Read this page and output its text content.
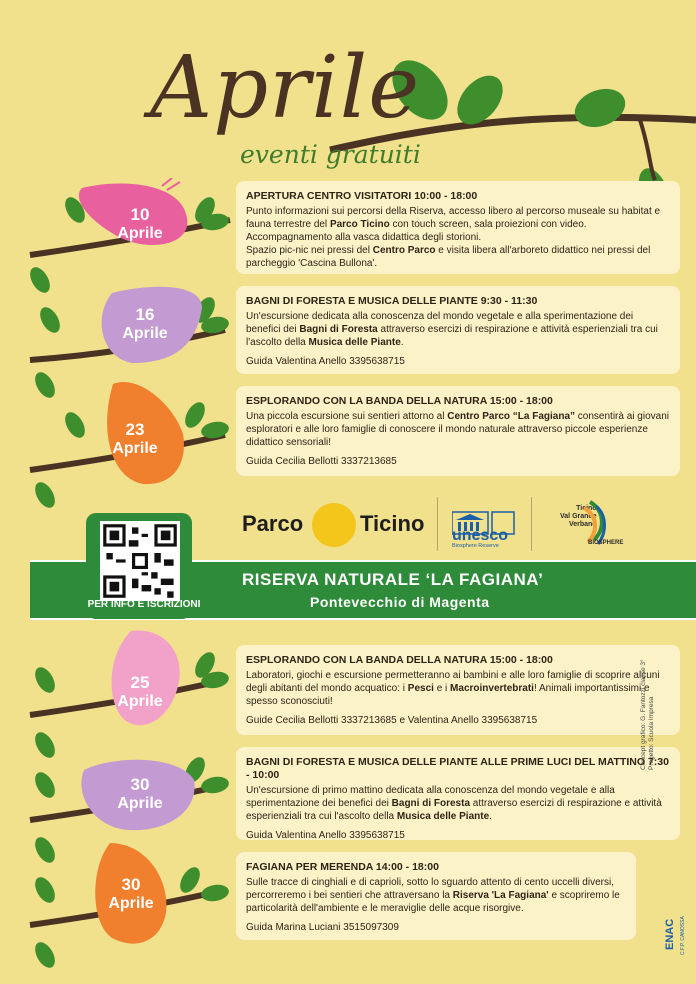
Aprile
eventi gratuiti
10
Aprile
16
Aprile
23
Aprile
APERTURA CENTRO VISITATORI 10:00 - 18:00
Punto informazioni sui percorsi della Riserva, accesso libero al percorso museale su habitat e fauna terrestre del Parco Ticino con touch screen, sala proiezioni con video. Accompagnamento alla vasca didattica degli storioni.
Spazio pic-nic nei pressi del Centro Parco e visita libera all'arboreto didattico nei pressi del parcheggio 'Cascina Bullona'.
BAGNI DI FORESTA E MUSICA DELLE PIANTE 9:30 - 11:30
Un'escursione dedicata alla conoscenza del mondo vegetale e alla sperimentazione dei benefici dei Bagni di Foresta attraverso esercizi di respirazione e attività esperienziali tra cui l'ascolto della Musica delle Piante.
Guida Valentina Anello 3395638715
ESPLORANDO CON LA BANDA DELLA NATURA 15:00 - 18:00
Una piccola escursione sui sentieri attorno al Centro Parco “La Fagiana” consentirà ai giovani esploratori e alle loro famiglie di conoscere il mondo naturale attraverso piccole esperienze didattico sensoriali!
Guida Cecilia Bellotti 3337213685
Parco	Ticino unesco
Biosphere Reserve
Ticino
Val Grande
Verbano
BIOSPHERE
RISERVA NATURALE ‘LA FAGIANA’
Pontevecchio di Magenta
PER INFO E ISCRIZIONI
25
Aprile
30
Aprile
30
Aprile
ESPLORANDO CON LA BANDA DELLA NATURA 15:00 - 18:00
Laboratori, giochi e escursione permetteranno ai bambini e alle loro famiglie di scoprire alcuni degli abitanti del mondo acquatico: i Pesci e i Macroinvertebrati! Animali importantissimi e spesso sconosciuti!
Guide Cecilia Bellotti 3337213685 e Valentina Anello 3395638715
BAGNI DI FORESTA E MUSICA DELLE PIANTE ALLE PRIME LUCI DEL MATTINO 7:30 - 10:00
Un'escursione di primo mattino dedicata alla conoscenza del mondo vegetale e alla sperimentazione dei benefici dei Bagni di Foresta attraverso esercizi di respirazione e attività esperienziali tra cui l'ascolto della Musica delle Piante.
Guida Valentina Anello 3395638715
FAGIANA PER MERENDA 14:00 - 18:00
Sulle tracce di cinghiali e di caprioli, sotto lo sguardo attento di cento uccelli diversi, percorreremo i bei sentieri che attraversano la Riserva 'La Fagiana' e scopriremo le particolarità dell'ambiente e le meraviglie delle acque risorgive.
Guida Marina Luciani 3515097309
Concept grafico: G. Fantozzi classe 3° Progetto: Scuola Impresa
ENAC C.F.P. CANOSSA
